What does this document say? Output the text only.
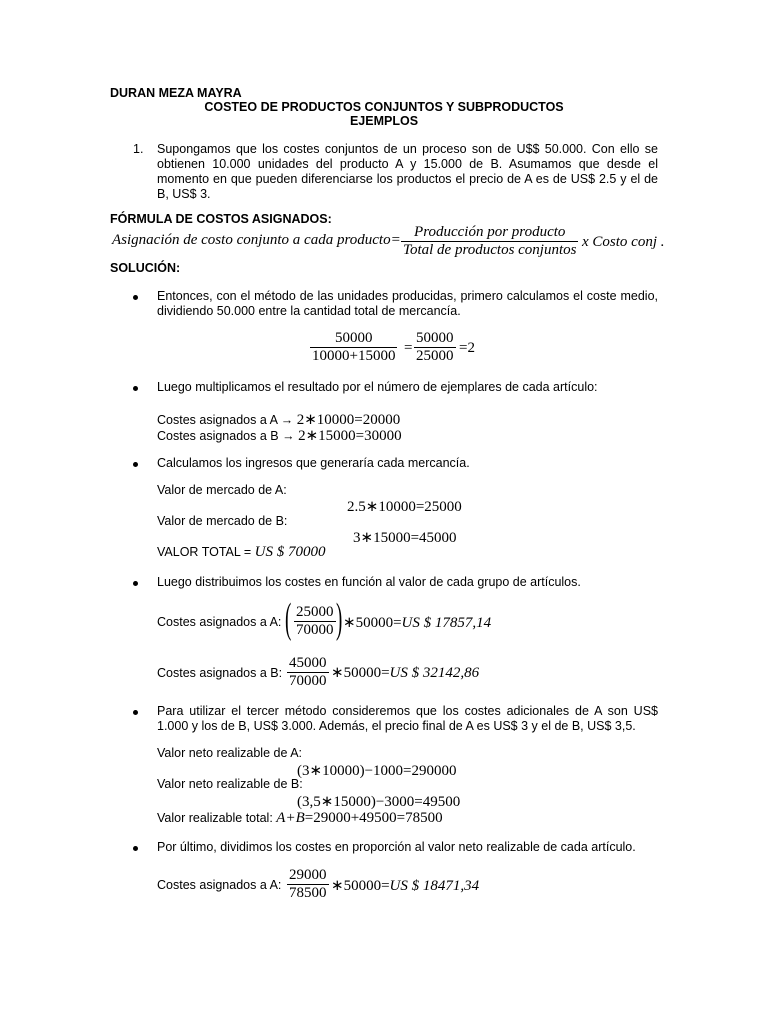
DURAN MEZA MAYRA
COSTEO DE PRODUCTOS CONJUNTOS Y SUBPRODUCTOS
EJEMPLOS
1. Supongamos que los costes conjuntos de un proceso son de U$$ 50.000. Con ello se obtienen 10.000 unidades del producto A y 15.000 de B. Asumamos que desde el momento en que pueden diferenciarse los productos el precio de A es de US$ 2.5 y el de B, US$ 3.
FÓRMULA DE COSTOS ASIGNADOS:
Asignación de costo conjunto a cada producto= Producción por producto
Total de productos conjuntos x Costo conj .
SOLUCIÓN:
Entonces, con el método de las unidades producidas, primero calculamos el coste medio, dividiendo 50.000 entre la cantidad total de mercancía.
$\frac{50000}{10000+15000} = \frac{50000}{25000} =2$
Luego multiplicamos el resultado por el número de ejemplares de cada artículo:
Costes asignados a A → 2∗10000=20000
Costes asignados a B → 2∗15000=30000
Calculamos los ingresos que generaría cada mercancía.
Valor de mercado de A:
2.5∗10000=25000
Valor de mercado de B:
3∗15000=45000
VALOR TOTAL = US $ 70000
Luego distribuimos los costes en función al valor de cada grupo de artículos.
Costes asignados a A: ( $\frac{25000}{70000}$ ) ∗50000=US $ 17857,14
Costes asignados a B: $\frac{45000}{70000}$ ∗50000=US $ 32142,86
Para utilizar el tercer método consideremos que los costes adicionales de A son US$ 1.000 y los de B, US$ 3.000. Además, el precio final de A es US$ 3 y el de B, US$ 3,5.
Valor neto realizable de A:
(3∗10000)−1000=290000
Valor neto realizable de B:
(3,5∗15000)−3000=49500
Valor realizable total: A+B=29000+49500=78500
Por último, dividimos los costes en proporción al valor neto realizable de cada artículo.
Costes asignados a A: $\frac{29000}{78500}$ ∗50000=US $ 18471,34
